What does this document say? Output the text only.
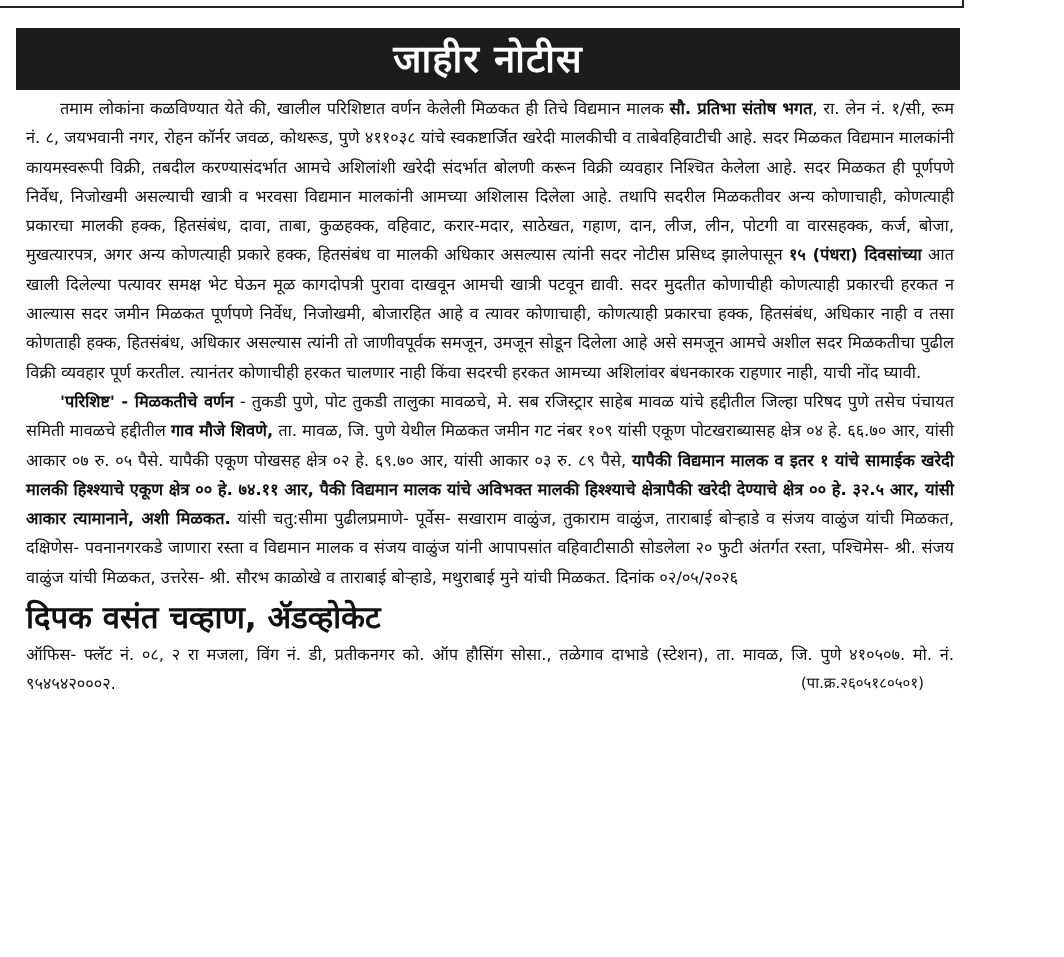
जाहीर नोटीस

तमाम लोकांना कळविण्यात येते की, खालील परिशिष्टात वर्णन केलेली मिळकत ही तिचे विद्यमान मालक सौ. प्रतिभा संतोष भगत, रा. लेन नं. १/सी, रूम नं. ८, जयभवानी नगर, रोहन कॉर्नर जवळ, कोथरूड, पुणे ४११०३८ यांचे स्वकष्टार्जित खरेदी मालकीची व ताबेवहिवाटीची आहे. सदर मिळकत विद्यमान मालकांनी कायमस्वरूपी विक्री, तबदील करण्यासंदर्भात आमचे अशिलांशी खरेदी संदर्भात बोलणी करून विक्री व्यवहार निश्चित केलेला आहे. सदर मिळकत ही पूर्णपणे निर्वेध, निजोखमी असल्याची खात्री व भरवसा विद्यमान मालकांनी आमच्या अशिलास दिलेला आहे. तथापि सदरील मिळकतीवर अन्य कोणाचाही, कोणत्याही प्रकारचा मालकी हक्क, हितसंबंध, दावा, ताबा, कुळहक्क, वहिवाट, करार-मदार, साठेखत, गहाण, दान, लीज, लीन, पोटगी वा वारसहक्क, कर्ज, बोजा, मुखत्यारपत्र, अगर अन्य कोणत्याही प्रकारे हक्क, हितसंबंध वा मालकी अधिकार असल्यास त्यांनी सदर नोटीस प्रसिध्द झालेपासून १५ (पंधरा) दिवसांच्या आत खाली दिलेल्या पत्यावर समक्ष भेट घेऊन मूळ कागदोपत्री पुरावा दाखवून आमची खात्री पटवून द्यावी. सदर मुदतीत कोणाचीही कोणत्याही प्रकारची हरकत न आल्यास सदर जमीन मिळकत पूर्णपणे निर्वेध, निजोखमी, बोजारहित आहे व त्यावर कोणाचाही, कोणत्याही प्रकारचा हक्क, हितसंबंध, अधिकार नाही व तसा कोणताही हक्क, हितसंबंध, अधिकार असल्यास त्यांनी तो जाणीवपूर्वक समजून, उमजून सोडून दिलेला आहे असे समजून आमचे अशील सदर मिळकतीचा पुढील विक्री व्यवहार पूर्ण करतील. त्यानंतर कोणाचीही हरकत चालणार नाही किंवा सदरची हरकत आमच्या अशिलांवर बंधनकारक राहणार नाही, याची नोंद घ्यावी.

'परिशिष्ट' - मिळकतीचे वर्णन - तुकडी पुणे, पोट तुकडी तालुका मावळचे, मे. सब रजिस्ट्रार साहेब मावळ यांचे हद्दीतील जिल्हा परिषद पुणे तसेच पंचायत समिती मावळचे हद्दीतील गाव मौजे शिवणे, ता. मावळ, जि. पुणे येथील मिळकत जमीन गट नंबर १०९ यांसी एकूण पोटखराब्यासह क्षेत्र ०४ हे. ६६.७० आर, यांसी आकार ०७ रु. ०५ पैसे. यापैकी एकूण पोखसह क्षेत्र ०२ हे. ६९.७० आर, यांसी आकार ०३ रु. ८९ पैसे, यापैकी विद्यमान मालक व इतर १ यांचे सामाईक खरेदी मालकी हिश्श्याचे एकूण क्षेत्र ०० हे. ७४.११ आर, पैकी विद्यमान मालक यांचे अविभक्त मालकी हिश्श्याचे क्षेत्रापैकी खरेदी देण्याचे क्षेत्र ०० हे. ३२.५ आर, यांसी आकार त्यामानाने, अशी मिळकत. यांसी चतु:सीमा पुढीलप्रमाणे- पूर्वेस- सखाराम वाळुंज, तुकाराम वाळुंज, ताराबाई बोऱ्हाडे व संजय वाळुंज यांची मिळकत, दक्षिणेस- पवनानगरकडे जाणारा रस्ता व विद्यमान मालक व संजय वाळुंज यांनी आपापसांत वहिवाटीसाठी सोडलेला २० फुटी अंतर्गत रस्ता, पश्चिमेस- श्री. संजय वाळुंज यांची मिळकत, उत्तरेस- श्री. सौरभ काळोखे व ताराबाई बोऱ्हाडे, मथुराबाई मुने यांची मिळकत. दिनांक ०२/०५/२०२६

दिपक वसंत चव्हाण, ॲडव्होकेट
ऑफिस- फ्लॅट नं. ०८, २ रा मजला, विंग नं. डी, प्रतीकनगर को. ऑप हौसिंग सोसा., तळेगाव दाभाडे (स्टेशन), ता. मावळ, जि. पुणे ४१०५०७. मो. नं. ९५४५४२०००२.	(पा.क्र.२६०५१८०५०१)
